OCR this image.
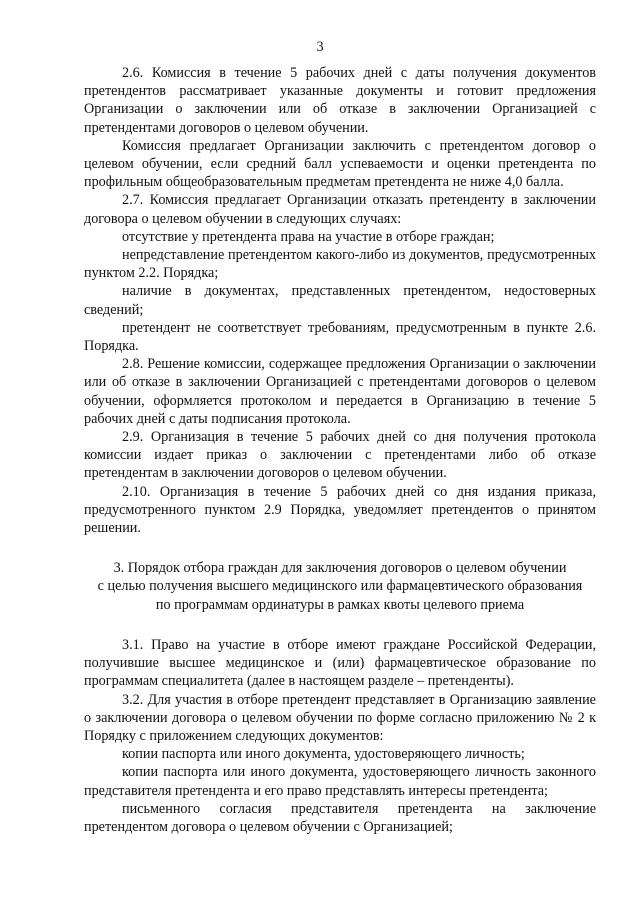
3

2.6. Комиссия в течение 5 рабочих дней с даты получения документов претендентов рассматривает указанные документы и готовит предложения Организации о заключении или об отказе в заключении Организацией с претендентами договоров о целевом обучении.

Комиссия предлагает Организации заключить с претендентом договор о целевом обучении, если средний балл успеваемости и оценки претендента по профильным общеобразовательным предметам претендента не ниже 4,0 балла.

2.7. Комиссия предлагает Организации отказать претенденту в заключении договора о целевом обучении в следующих случаях:

отсутствие у претендента права на участие в отборе граждан;

непредставление претендентом какого-либо из документов, предусмотренных пунктом 2.2. Порядка;

наличие в документах, представленных претендентом, недостоверных сведений;

претендент не соответствует требованиям, предусмотренным в пункте 2.6. Порядка.

2.8. Решение комиссии, содержащее предложения Организации о заключении или об отказе в заключении Организацией с претендентами договоров о целевом обучении, оформляется протоколом и передается в Организацию в течение 5 рабочих дней с даты подписания протокола.

2.9. Организация в течение 5 рабочих дней со дня получения протокола комиссии издает приказ о заключении с претендентами либо об отказе претендентам в заключении договоров о целевом обучении.

2.10. Организация в течение 5 рабочих дней со дня издания приказа, предусмотренного пунктом 2.9 Порядка, уведомляет претендентов о принятом решении.

3. Порядок отбора граждан для заключения договоров о целевом обучении
с целью получения высшего медицинского или фармацевтического образования
по программам ординатуры в рамках квоты целевого приема

3.1. Право на участие в отборе имеют граждане Российской Федерации, получившие высшее медицинское и (или) фармацевтическое образование по программам специалитета (далее в настоящем разделе – претенденты).

3.2. Для участия в отборе претендент представляет в Организацию заявление о заключении договора о целевом обучении по форме согласно приложению № 2 к Порядку с приложением следующих документов:

копии паспорта или иного документа, удостоверяющего личность;

копии паспорта или иного документа, удостоверяющего личность законного представителя претендента и его право представлять интересы претендента;

письменного согласия представителя претендента на заключение претендентом договора о целевом обучении с Организацией;
